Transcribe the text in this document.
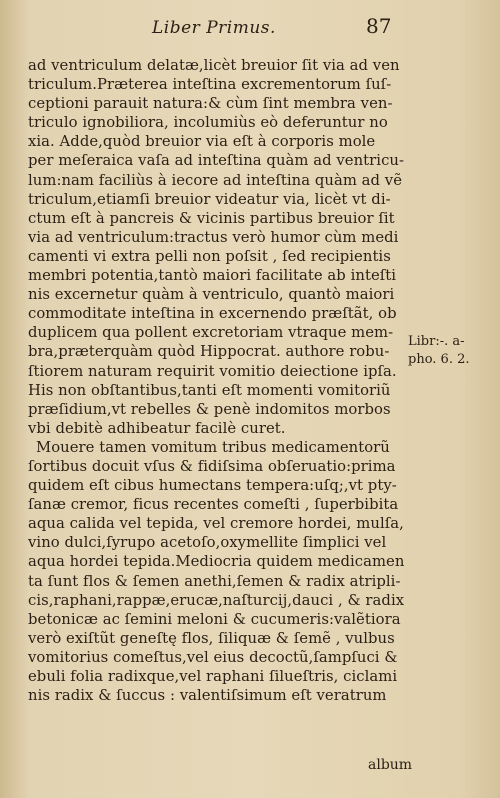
Liber Primus.	87
ad ventriculum delatæ,licèt breuior ſit via ad ven
triculum.Præterea inteſtina excrementorum ſuſ-
ceptioni parauit natura:& cùm ſint membra ven-
triculo ignobiliora, incolumiùs eò deferuntur no
xia. Adde,quòd breuior via eſt à corporis mole
per meſeraica vaſa ad inteſtina quàm ad ventricu-
lum:nam faciliùs à iecore ad inteſtina quàm ad vẽ
triculum,etiamſi breuior videatur via, licèt vt di-
ctum eſt à pancreis & vicinis partibus breuior ſit
via ad ventriculum:tractus verò humor cùm medi
camenti vi extra pelli non poſsit , ſed recipientis
membri potentia,tantò maiori facilitate ab inteſti
nis excernetur quàm à ventriculo, quantò maiori
commoditate inteſtina in excernendo præſtãt, ob
duplicem qua pollent excretoriam vtraque mem-
bra,præterquàm quòd Hippocrat. authore robu-
ſtiorem naturam requirit vomitio deiectione ipſa.
His non obſtantibus,tanti eſt momenti vomitoriũ
præſidium,vt rebelles & penè indomitos morbos
vbi debitè adhibeatur facilè curet.
Mouere tamen vomitum tribus medicamentorũ
ſortibus docuit vſus & fidiſsima obſeruatio:prima
quidem eſt cibus humectans tempera:uſq;,vt pty-
ſanæ cremor, ficus recentes comeſti , ſuperbibita
aqua calida vel tepida, vel cremore hordei, mulſa,
vino dulci,ſyrupo acetoſo,oxymellite ſimplici vel
aqua hordei tepida.Mediocria quidem medicamen
ta ſunt flos & ſemen anethi,ſemen & radix atripli-
cis,raphani,rappæ,erucæ,naſturcij,dauci , & radix
betonicæ ac ſemini meloni & cucumeris:valẽtiora
verò exiſtũt geneſtę flos, ſiliquæ & ſemẽ , vulbus
vomitorius comeſtus,vel eius decoctũ,ſampſuci &
ebuli folia radixque,vel raphani ſilueſtris, ciclami
nis radix & ſuccus : valentiſsimum eſt veratrum
Libr:-. a-
pho. 6. 2.
album
